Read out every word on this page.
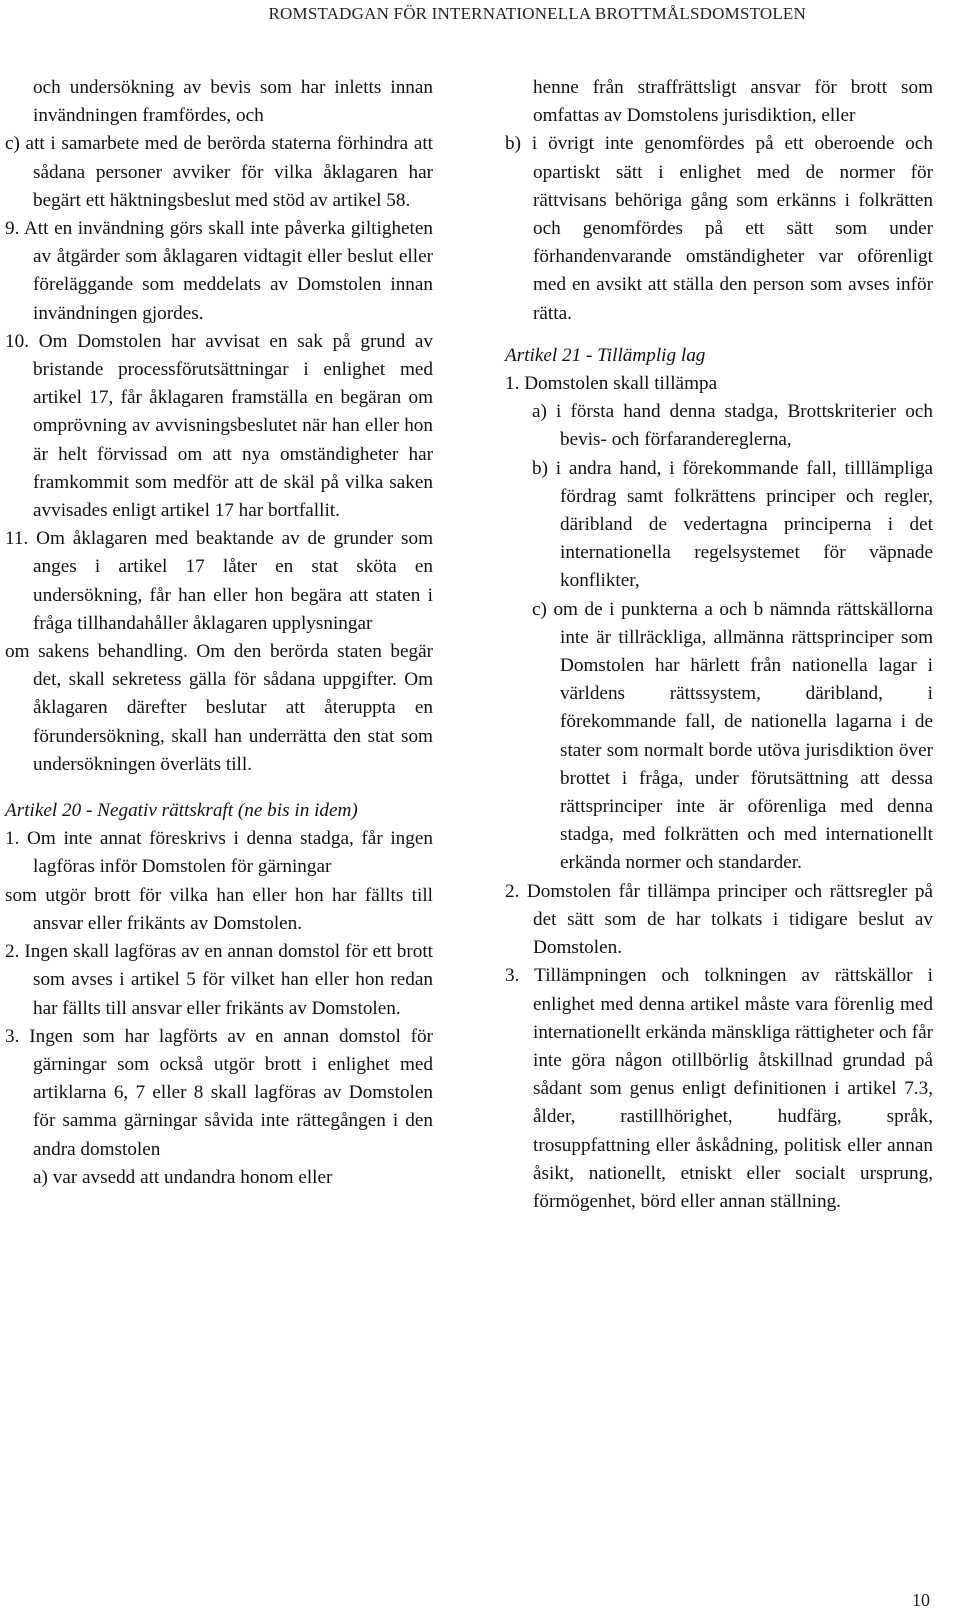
ROMSTADGAN FÖR INTERNATIONELLA BROTTMÅLSDOMSTOLEN

och undersökning av bevis som har inletts innan invändningen framfördes, och

c) att i samarbete med de berörda staterna förhindra att sådana personer avviker för vilka åklagaren har begärt ett häktningsbeslut med stöd av artikel 58.

9. Att en invändning görs skall inte påverka giltigheten av åtgärder som åklagaren vidtagit eller beslut eller föreläggande som meddelats av Domstolen innan invändningen gjordes.

10. Om Domstolen har avvisat en sak på grund av bristande processförutsättningar i enlighet med artikel 17, får åklagaren framställa en begäran om omprövning av avvisningsbeslutet när han eller hon är helt förvissad om att nya omständigheter har framkommit som medför att de skäl på vilka saken avvisades enligt artikel 17 har bortfallit.

11. Om åklagaren med beaktande av de grunder som anges i artikel 17 låter en stat sköta en undersökning, får han eller hon begära att staten i fråga tillhandahåller åklagaren upplysningar

om sakens behandling. Om den berörda staten begär det, skall sekretess gälla för sådana uppgifter. Om åklagaren därefter beslutar att återuppta en förundersökning, skall han underrätta den stat som undersökningen överläts till.

Artikel 20 - Negativ rättskraft (ne bis in idem)

1. Om inte annat föreskrivs i denna stadga, får ingen lagföras inför Domstolen för gärningar

som utgör brott för vilka han eller hon har fällts till ansvar eller frikänts av Domstolen.

2. Ingen skall lagföras av en annan domstol för ett brott som avses i artikel 5 för vilket han eller hon redan har fällts till ansvar eller frikänts av Domstolen.

3. Ingen som har lagförts av en annan domstol för gärningar som också utgör brott i enlighet med artiklarna 6, 7 eller 8 skall lagföras av Domstolen för samma gärningar såvida inte rättegången i den andra domstolen

a) var avsedd att undandra honom eller

henne från straffrättsligt ansvar för brott som omfattas av Domstolens jurisdiktion, eller

b) i övrigt inte genomfördes på ett oberoende och opartiskt sätt i enlighet med de normer för rättvisans behöriga gång som erkänns i folkrätten och genomfördes på ett sätt som under förhandenvarande omständigheter var oförenligt med en avsikt att ställa den person som avses inför rätta.

Artikel 21 - Tillämplig lag

1. Domstolen skall tillämpa

a) i första hand denna stadga, Brottskriterier och bevis- och förfarandereglerna,

b) i andra hand, i förekommande fall, tilllämpliga fördrag samt folkrättens principer och regler, däribland de vedertagna principerna i det internationella regelsystemet för väpnade konflikter,

c) om de i punkterna a och b nämnda rättskällorna inte är tillräckliga, allmänna rättsprinciper som Domstolen har härlett från nationella lagar i världens rättssystem, däribland, i förekommande fall, de nationella lagarna i de stater som normalt borde utöva jurisdiktion över brottet i fråga, under förutsättning att dessa rättsprinciper inte är oförenliga med denna stadga, med folkrätten och med internationellt erkända normer och standarder.

2. Domstolen får tillämpa principer och rättsregler på det sätt som de har tolkats i tidigare beslut av Domstolen.

3. Tillämpningen och tolkningen av rättskällor i enlighet med denna artikel måste vara förenlig med internationellt erkända mänskliga rättigheter och får inte göra någon otillbörlig åtskillnad grundad på sådant som genus enligt definitionen i artikel 7.3, ålder, rastillhörighet, hudfärg, språk, trosuppfattning eller åskådning, politisk eller annan åsikt, nationellt, etniskt eller socialt ursprung, förmögenhet, börd eller annan ställning.

10
